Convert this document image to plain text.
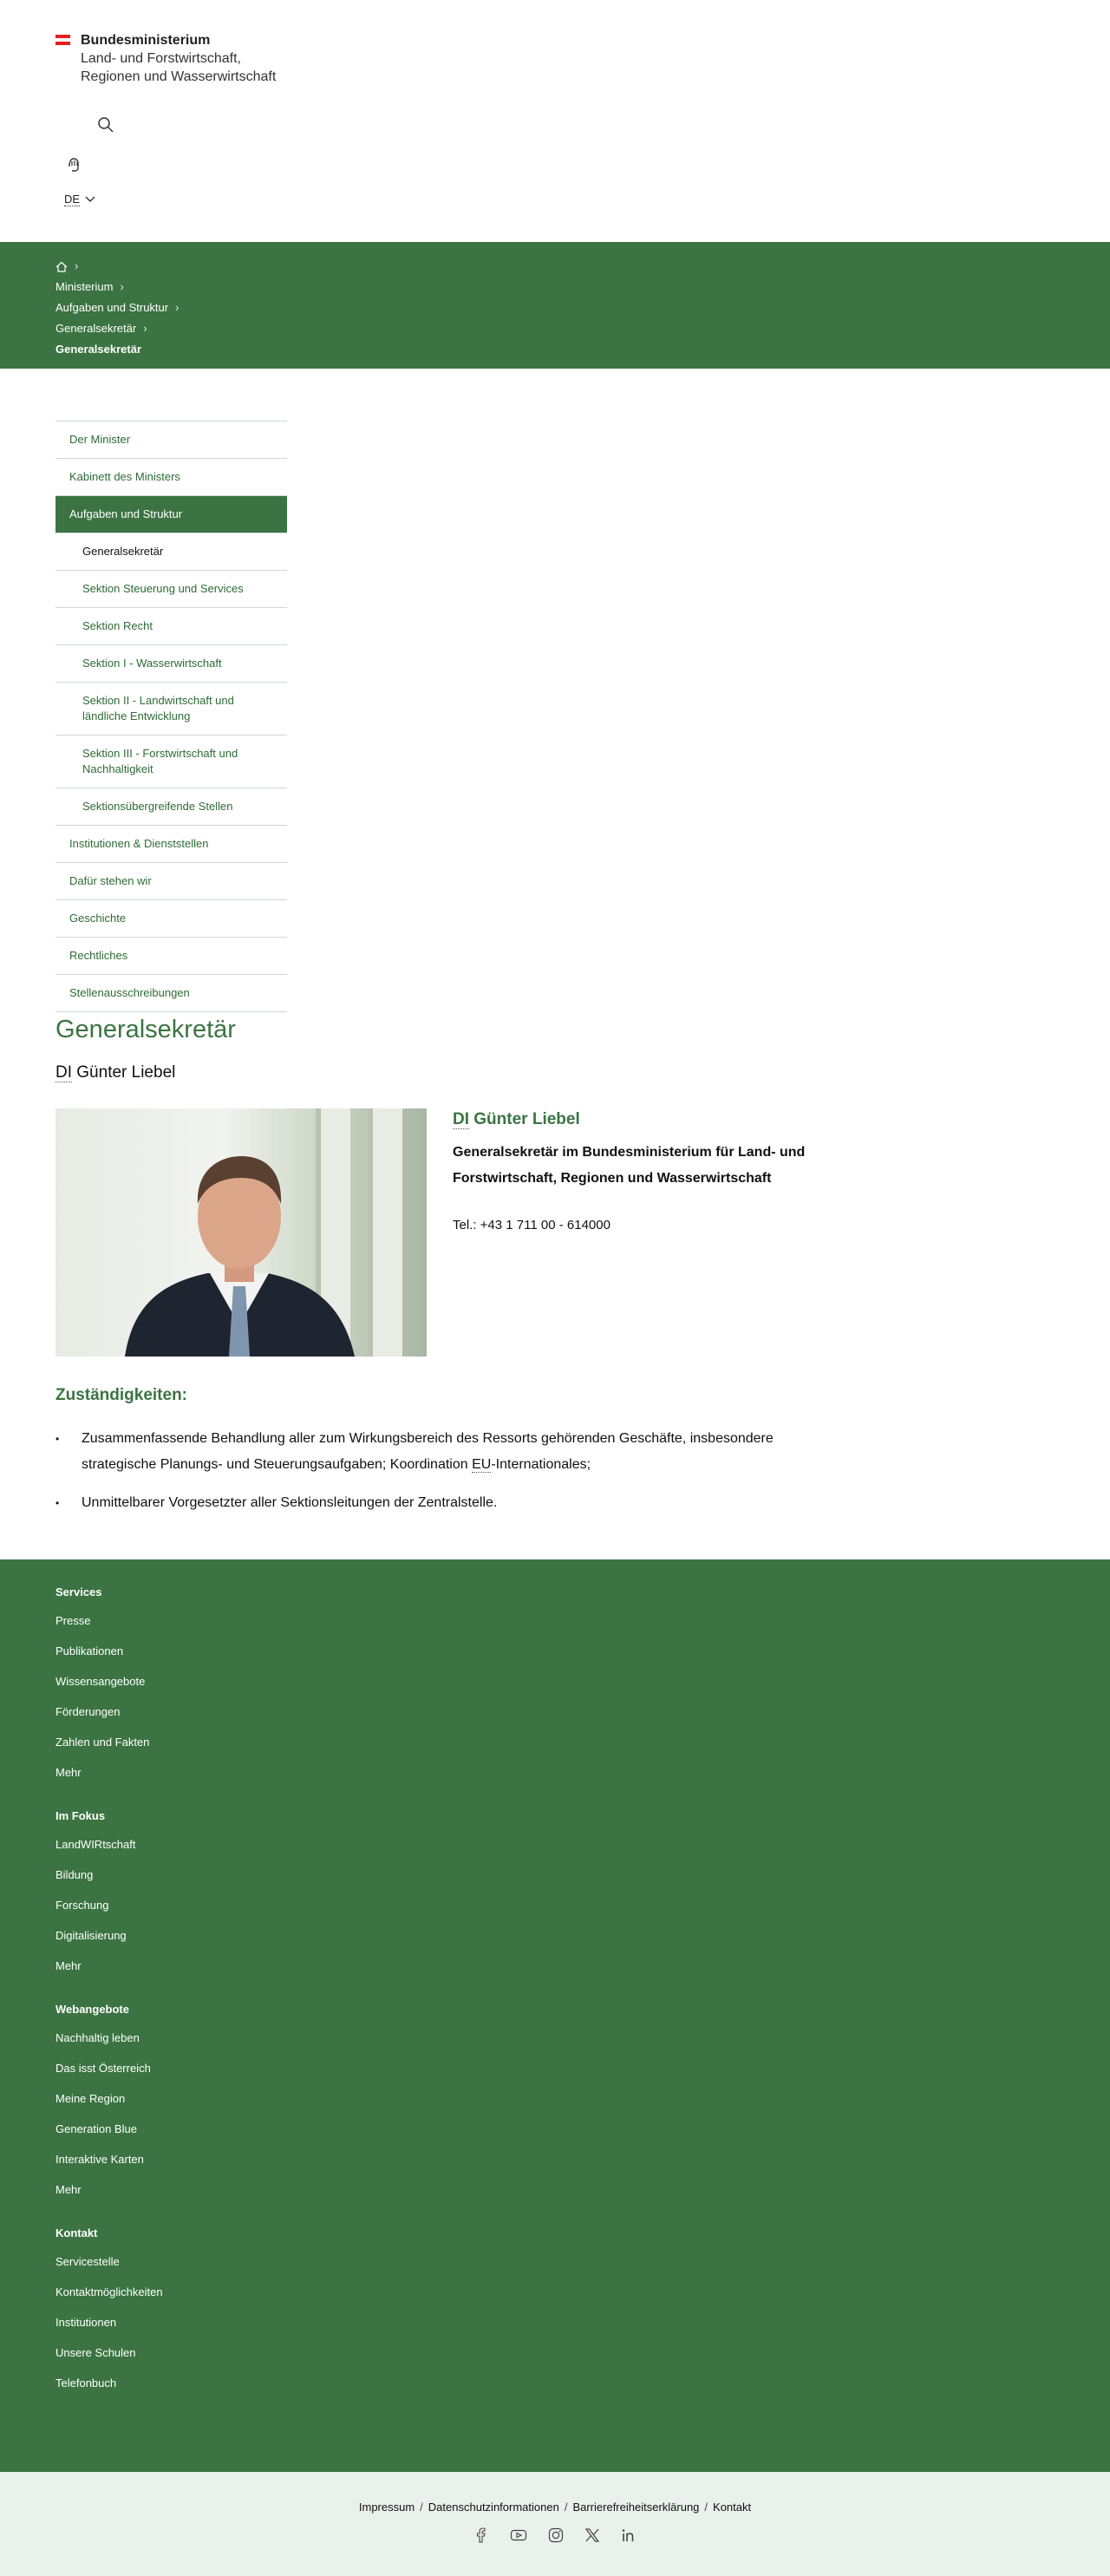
Bundesministerium
Land- und Forstwirtschaft,
Regionen und Wasserwirtschaft
DE
›
Ministerium ›
Aufgaben und Struktur ›
Generalsekretär ›
Generalsekretär
Der Minister
Kabinett des Ministers
Aufgaben und Struktur
Generalsekretär
Sektion Steuerung und Services
Sektion Recht
Sektion I - Wasserwirtschaft
Sektion II - Landwirtschaft und ländliche Entwicklung
Sektion III - Forstwirtschaft und Nachhaltigkeit
Sektionsübergreifende Stellen
Institutionen & Dienststellen
Dafür stehen wir
Geschichte
Rechtliches
Stellenausschreibungen
Generalsekretär
DI Günter Liebel
DI Günter Liebel
Generalsekretär im Bundesministerium für Land- und Forstwirtschaft, Regionen und Wasserwirtschaft
Tel.: +43 1 711 00 - 614000
Zuständigkeiten:
• Zusammenfassende Behandlung aller zum Wirkungsbereich des Ressorts gehörenden Geschäfte, insbesondere strategische Planungs- und Steuerungsaufgaben; Koordination EU-Internationales;
• Unmittelbarer Vorgesetzter aller Sektionsleitungen der Zentralstelle.
Services
Presse
Publikationen
Wissensangebote
Förderungen
Zahlen und Fakten
Mehr
Im Fokus
LandWIRtschaft
Bildung
Forschung
Digitalisierung
Mehr
Webangebote
Nachhaltig leben
Das isst Österreich
Meine Region
Generation Blue
Interaktive Karten
Mehr
Kontakt
Servicestelle
Kontaktmöglichkeiten
Institutionen
Unsere Schulen
Telefonbuch
Impressum / Datenschutzinformationen / Barrierefreiheitserklärung / Kontakt
